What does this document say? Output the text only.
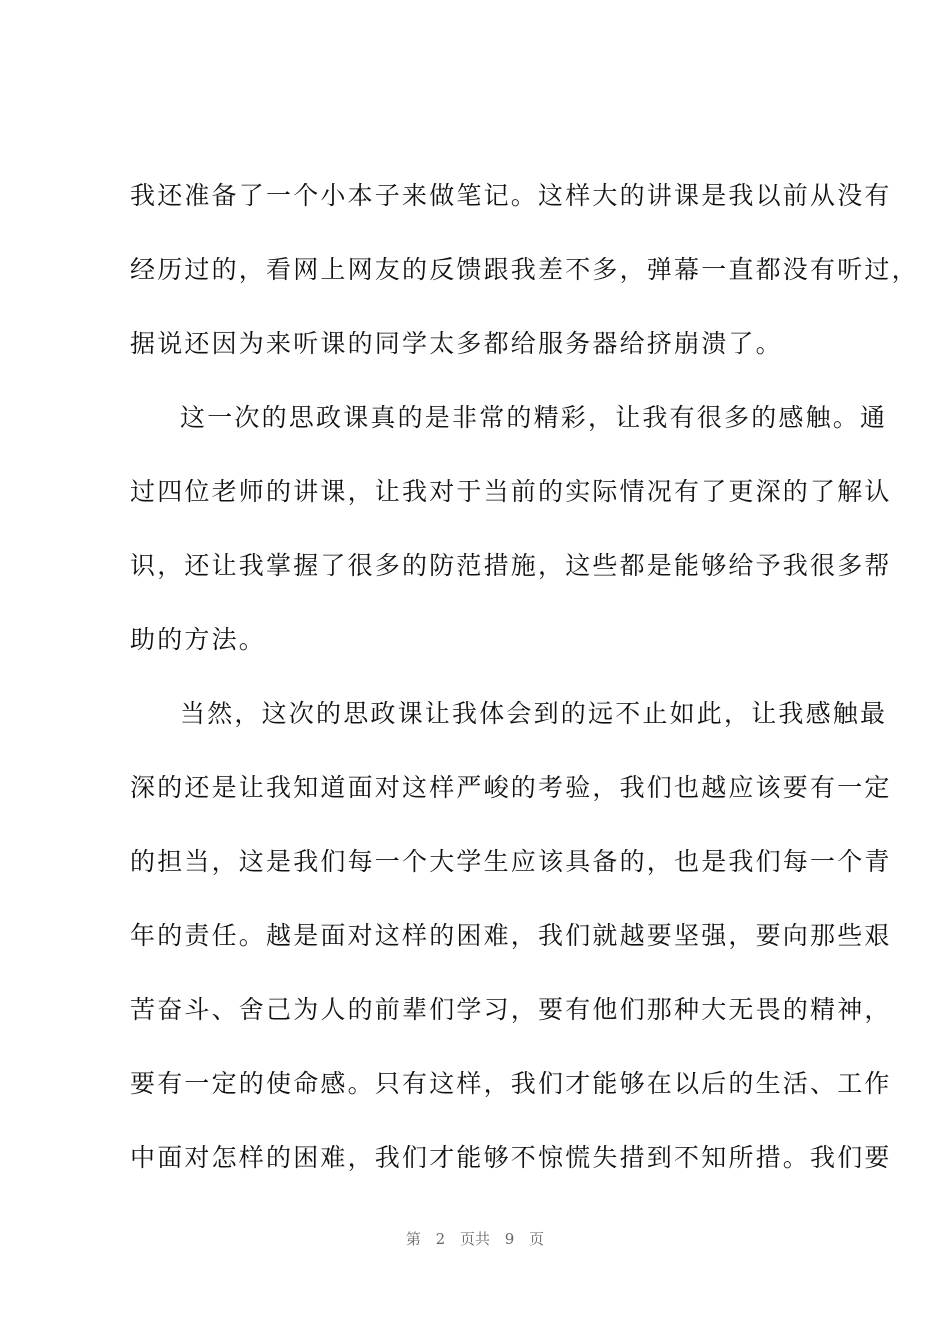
我还准备了一个小本子来做笔记。这样大的讲课是我以前从没有
经历过的，看网上网友的反馈跟我差不多，弹幕一直都没有听过，
据说还因为来听课的同学太多都给服务器给挤崩溃了。
这一次的思政课真的是非常的精彩，让我有很多的感触。通
过四位老师的讲课，让我对于当前的实际情况有了更深的了解认
识，还让我掌握了很多的防范措施，这些都是能够给予我很多帮
助的方法。
当然，这次的思政课让我体会到的远不止如此，让我感触最
深的还是让我知道面对这样严峻的考验，我们也越应该要有一定
的担当，这是我们每一个大学生应该具备的，也是我们每一个青
年的责任。越是面对这样的困难，我们就越要坚强，要向那些艰
苦奋斗、舍己为人的前辈们学习，要有他们那种大无畏的精神，
要有一定的使命感。只有这样，我们才能够在以后的生活、工作
中面对怎样的困难，我们才能够不惊慌失措到不知所措。我们要
第 2 页共 9 页
